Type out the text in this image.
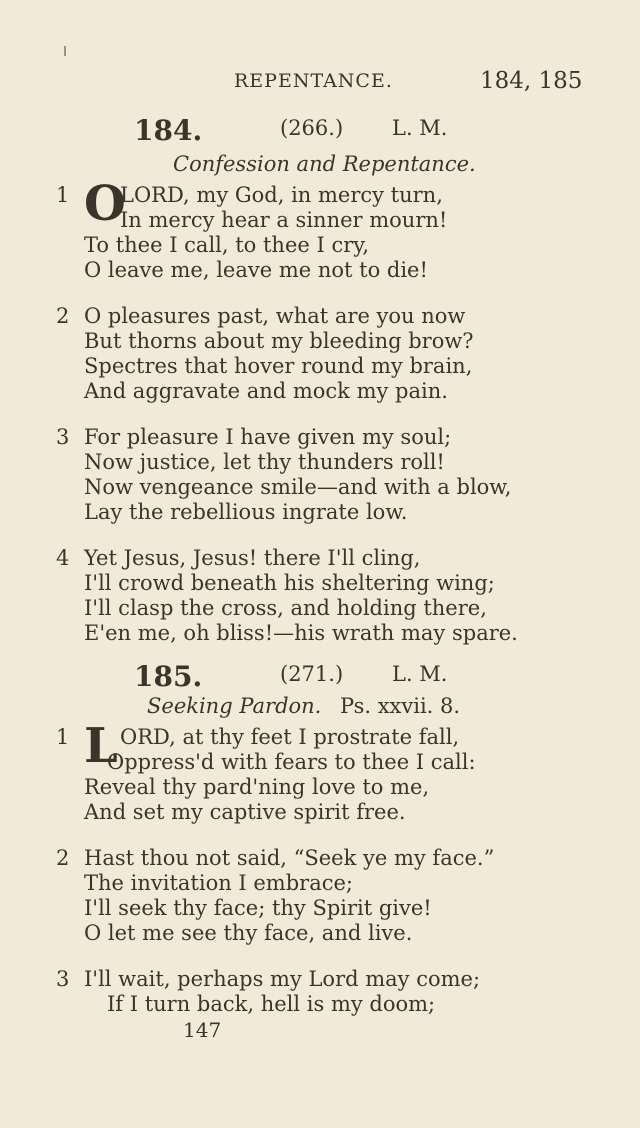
REPENTANCE.	184, 185
184.	(266.) L. M.
Confession and Repentance.
1 O
LORD, my God, in mercy turn,
In mercy hear a sinner mourn!
To thee I call, to thee I cry,
O leave me, leave me not to die!
2 O pleasures past, what are you now
But thorns about my bleeding brow?
Spectres that hover round my brain,
And aggravate and mock my pain.
3 For pleasure I have given my soul;
Now justice, let thy thunders roll!
Now vengeance smile—and with a blow,
Lay the rebellious ingrate low.
4 Yet Jesus, Jesus! there I'll cling,
I'll crowd beneath his sheltering wing;
I'll clasp the cross, and holding there,
E'en me, oh bliss!—his wrath may spare.
185.	(271.) L. M.
Seeking Pardon. Ps. xxvii. 8.
1 L ORD, at thy feet I prostrate fall,
Oppress'd with fears to thee I call:
Reveal thy pard'ning love to me,
And set my captive spirit free.
2 Hast thou not said, “Seek ye my face.”
The invitation I embrace;
I'll seek thy face; thy Spirit give!
O let me see thy face, and live.
3 I'll wait, perhaps my Lord may come;
If I turn back, hell is my doom;
147
